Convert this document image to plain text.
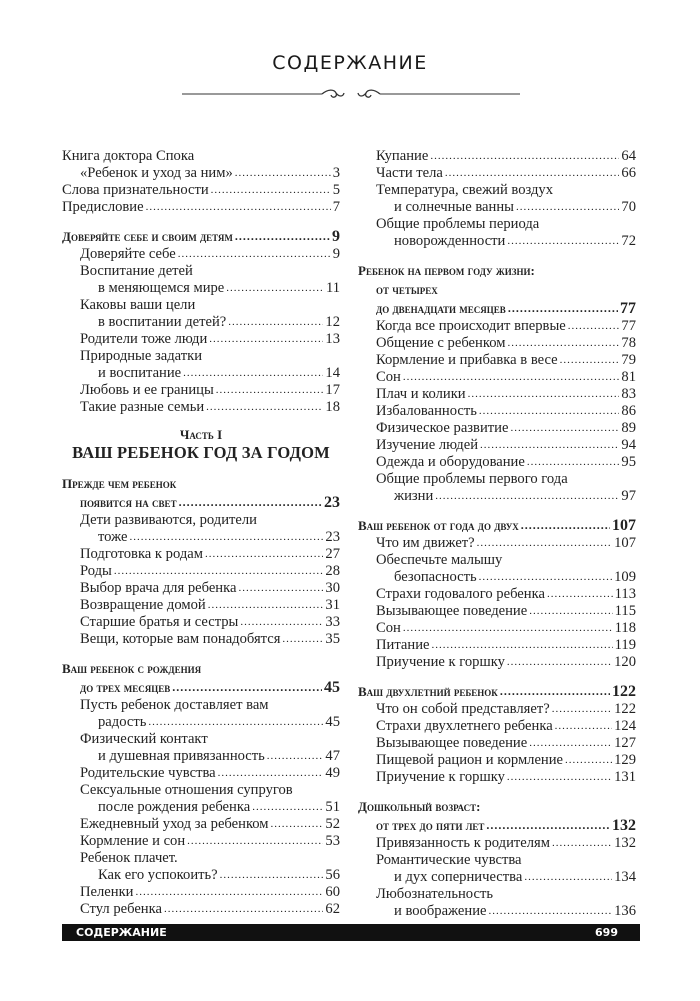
СОДЕРЖАНИЕ
Книга доктора Спока
«Ребенок и уход за ним» .....	3
Слова признательности .....	5
Предисловие .....	7
Доверяйте себе и своим детям .....	9
Доверяйте себе .....	9
Воспитание детей
в меняющемся мире .....	11
Каковы ваши цели
в воспитании детей? .....	12
Родители тоже люди .....	13
Природные задатки
и воспитание .....	14
Любовь и ее границы .....	17
Такие разные семьи .....	18
Часть I
ВАШ РЕБЕНОК ГОД ЗА ГОДОМ
Прежде чем ребенок
появится на свет .....	23
Дети развиваются, родители
тоже .....	23
Подготовка к родам .....	27
Роды .....	28
Выбор врача для ребенка .....	30
Возвращение домой .....	31
Старшие братья и сестры .....	33
Вещи, которые вам понадобятся .....	35
Ваш ребенок с рождения
до трех месяцев .....	45
Пусть ребенок доставляет вам
радость .....	45
Физический контакт
и душевная привязанность .....	47
Родительские чувства .....	49
Сексуальные отношения супругов
после рождения ребенка .....	51
Ежедневный уход за ребенком .....	52
Кормление и сон .....	53
Ребенок плачет.
Как его успокоить? .....	56
Пеленки .....	60
Стул ребенка .....	62
Купание .....	64
Части тела .....	66
Температура, свежий воздух
и солнечные ванны .....	70
Общие проблемы периода
новорожденности .....	72
Ребенок на первом году жизни:
от четырех
до двенадцати месяцев .....	77
Когда все происходит впервые .....	77
Общение с ребенком .....	78
Кормление и прибавка в весе .....	79
Сон .....	81
Плач и колики .....	83
Избалованность .....	86
Физическое развитие .....	89
Изучение людей .....	94
Одежда и оборудование .....	95
Общие проблемы первого года
жизни .....	97
Ваш ребенок от года до двух .....	107
Что им движет? .....	107
Обеспечьте малышу
безопасность .....	109
Страхи годовалого ребенка .....	113
Вызывающее поведение .....	115
Сон .....	118
Питание .....	119
Приучение к горшку .....	120
Ваш двухлетний ребенок .....	122
Что он собой представляет? .....	122
Страхи двухлетнего ребенка .....	124
Вызывающее поведение .....	127
Пищевой рацион и кормление .....	129
Приучение к горшку .....	131
Дошкольный возраст:
от трех до пяти лет .....	132
Привязанность к родителям .....	132
Романтические чувства
и дух соперничества .....	134
Любознательность
и воображение .....	136
СОДЕРЖАНИЕ	699
